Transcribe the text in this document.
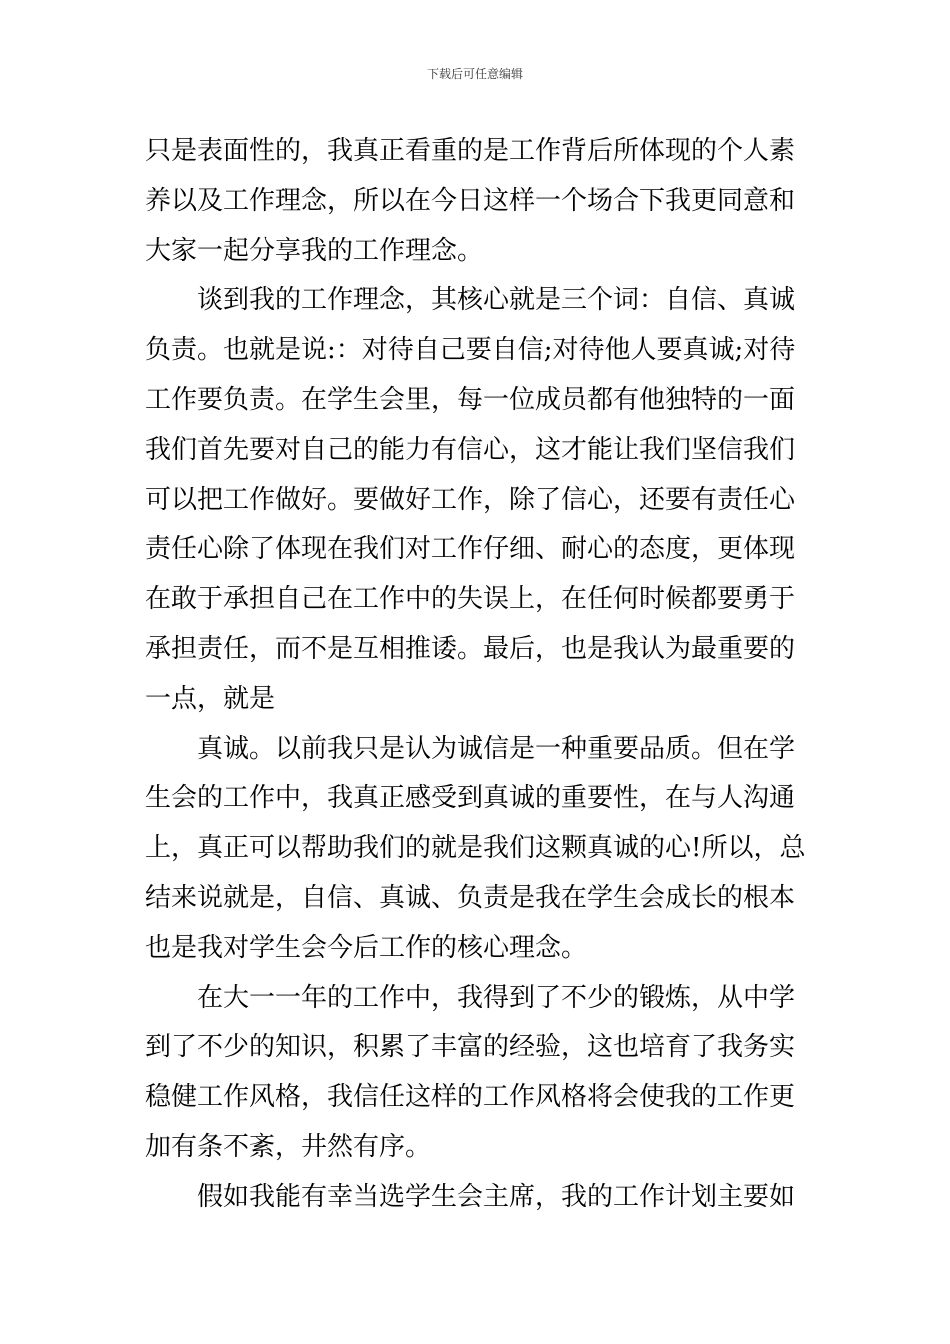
下载后可任意编辑
只是表面性的，我真正看重的是工作背后所体现的个人素
养以及工作理念，所以在今日这样一个场合下我更同意和
大家一起分享我的工作理念。
谈到我的工作理念，其核心就是三个词：自信、真诚
负责。也就是说:：对待自己要自信;对待他人要真诚;对待
工作要负责。在学生会里，每一位成员都有他独特的一面
我们首先要对自己的能力有信心，这才能让我们坚信我们
可以把工作做好。要做好工作，除了信心，还要有责任心
责任心除了体现在我们对工作仔细、耐心的态度，更体现
在敢于承担自己在工作中的失误上，在任何时候都要勇于
承担责任，而不是互相推诿。最后，也是我认为最重要的
一点，就是
真诚。以前我只是认为诚信是一种重要品质。但在学
生会的工作中，我真正感受到真诚的重要性，在与人沟通
上，真正可以帮助我们的就是我们这颗真诚的心!所以，总
结来说就是，自信、真诚、负责是我在学生会成长的根本
也是我对学生会今后工作的核心理念。
在大一一年的工作中，我得到了不少的锻炼，从中学
到了不少的知识，积累了丰富的经验，这也培育了我务实
稳健工作风格，我信任这样的工作风格将会使我的工作更
加有条不紊，井然有序。
假如我能有幸当选学生会主席，我的工作计划主要如
